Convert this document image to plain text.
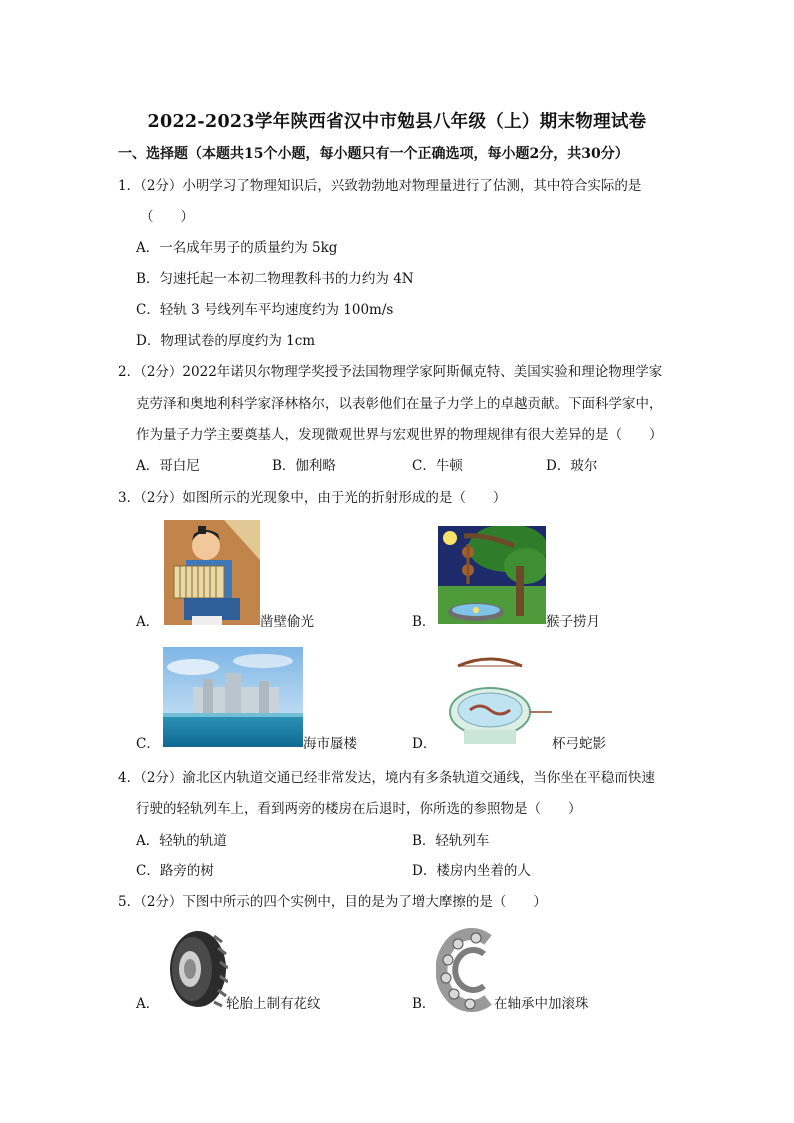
2022-2023学年陕西省汉中市勉县八年级（上）期末物理试卷
一、选择题（本题共15个小题，每小题只有一个正确选项，每小题2分，共30分）
1．（2分）小明学习了物理知识后，兴致勃勃地对物理量进行了估测，其中符合实际的是
（　　）
A．一名成年男子的质量约为 5kg
B．匀速托起一本初二物理教科书的力约为 4N
C．轻轨 3 号线列车平均速度约为 100m/s
D．物理试卷的厚度约为 1cm
2．（2分）2022年诺贝尔物理学奖授予法国物理学家阿斯佩克特、美国实验和理论物理学家
克劳泽和奥地利科学家泽林格尔，以表彰他们在量子力学上的卓越贡献。下面科学家中，
作为量子力学主要奠基人，发现微观世界与宏观世界的物理规律有很大差异的是（　　）
A．哥白尼	B．伽利略	C．牛顿	D．玻尔
3．（2分）如图所示的光现象中，由于光的折射形成的是（　　）
A．	凿壁偷光	B．	猴子捞月
C．	海市蜃楼	D．	杯弓蛇影
4．（2分）渝北区内轨道交通已经非常发达，境内有多条轨道交通线，当你坐在平稳而快速
行驶的轻轨列车上，看到两旁的楼房在后退时，你所选的参照物是（　　）
A．轻轨的轨道	B．轻轨列车
C．路旁的树	D．楼房内坐着的人
5．（2分）下图中所示的四个实例中，目的是为了增大摩擦的是（　　）
A．	轮胎上制有花纹	B．	在轴承中加滚珠
